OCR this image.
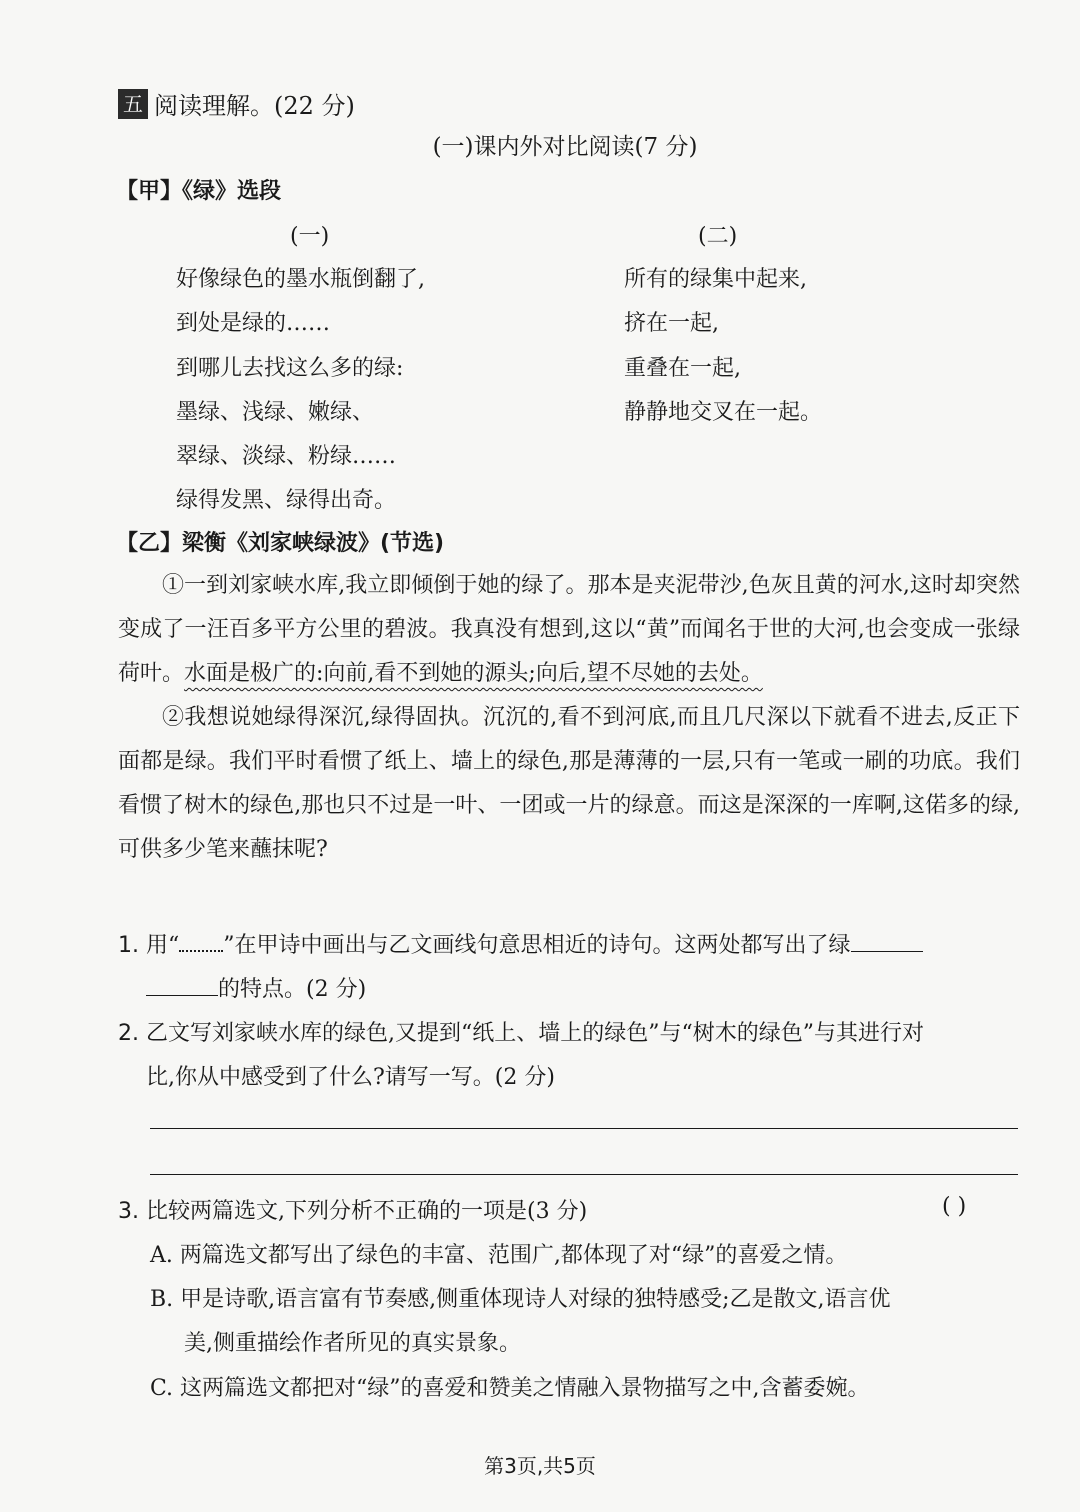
五 阅读理解。(22 分)
(一)课内外对比阅读(7 分)
【甲】《绿》选段
(一)	(二)
好像绿色的墨水瓶倒翻了,
到处是绿的……
到哪儿去找这么多的绿:
墨绿、浅绿、嫩绿、
翠绿、淡绿、粉绿……
绿得发黑、绿得出奇。
所有的绿集中起来,
挤在一起,
重叠在一起,
静静地交叉在一起。
【乙】梁衡《刘家峡绿波》(节选)

①一到刘家峡水库,我立即倾倒于她的绿了。那本是夹泥带沙,色灰且黄的河水,这时却突然变成了一汪百多平方公里的碧波。我真没有想到,这以“黄”而闻名于世的大河,也会变成一张绿荷叶。水面是极广的:向前,看不到她的源头;向后,望不尽她的去处。

②我想说她绿得深沉,绿得固执。沉沉的,看不到河底,而且几尺深以下就看不进去,反正下面都是绿。我们平时看惯了纸上、墙上的绿色,那是薄薄的一层,只有一笔或一刷的功底。我们看惯了树木的绿色,那也只不过是一叶、一团或一片的绿意。而这是深深的一库啊,这偌多的绿,可供多少笔来蘸抹呢?

1. 用“ ”在甲诗中画出与乙文画线句意思相近的诗句。这两处都写出了绿
的特点。(2 分)
2. 乙文写刘家峡水库的绿色,又提到“纸上、墙上的绿色”与“树木的绿色”与其进行对
比,你从中感受到了什么?请写一写。(2 分)
3. 比较两篇选文,下列分析不正确的一项是(3 分)	( )
A. 两篇选文都写出了绿色的丰富、范围广,都体现了对“绿”的喜爱之情。
B. 甲是诗歌,语言富有节奏感,侧重体现诗人对绿的独特感受;乙是散文,语言优
美,侧重描绘作者所见的真实景象。
C. 这两篇选文都把对“绿”的喜爱和赞美之情融入景物描写之中,含蓄委婉。
第3页,共5页
